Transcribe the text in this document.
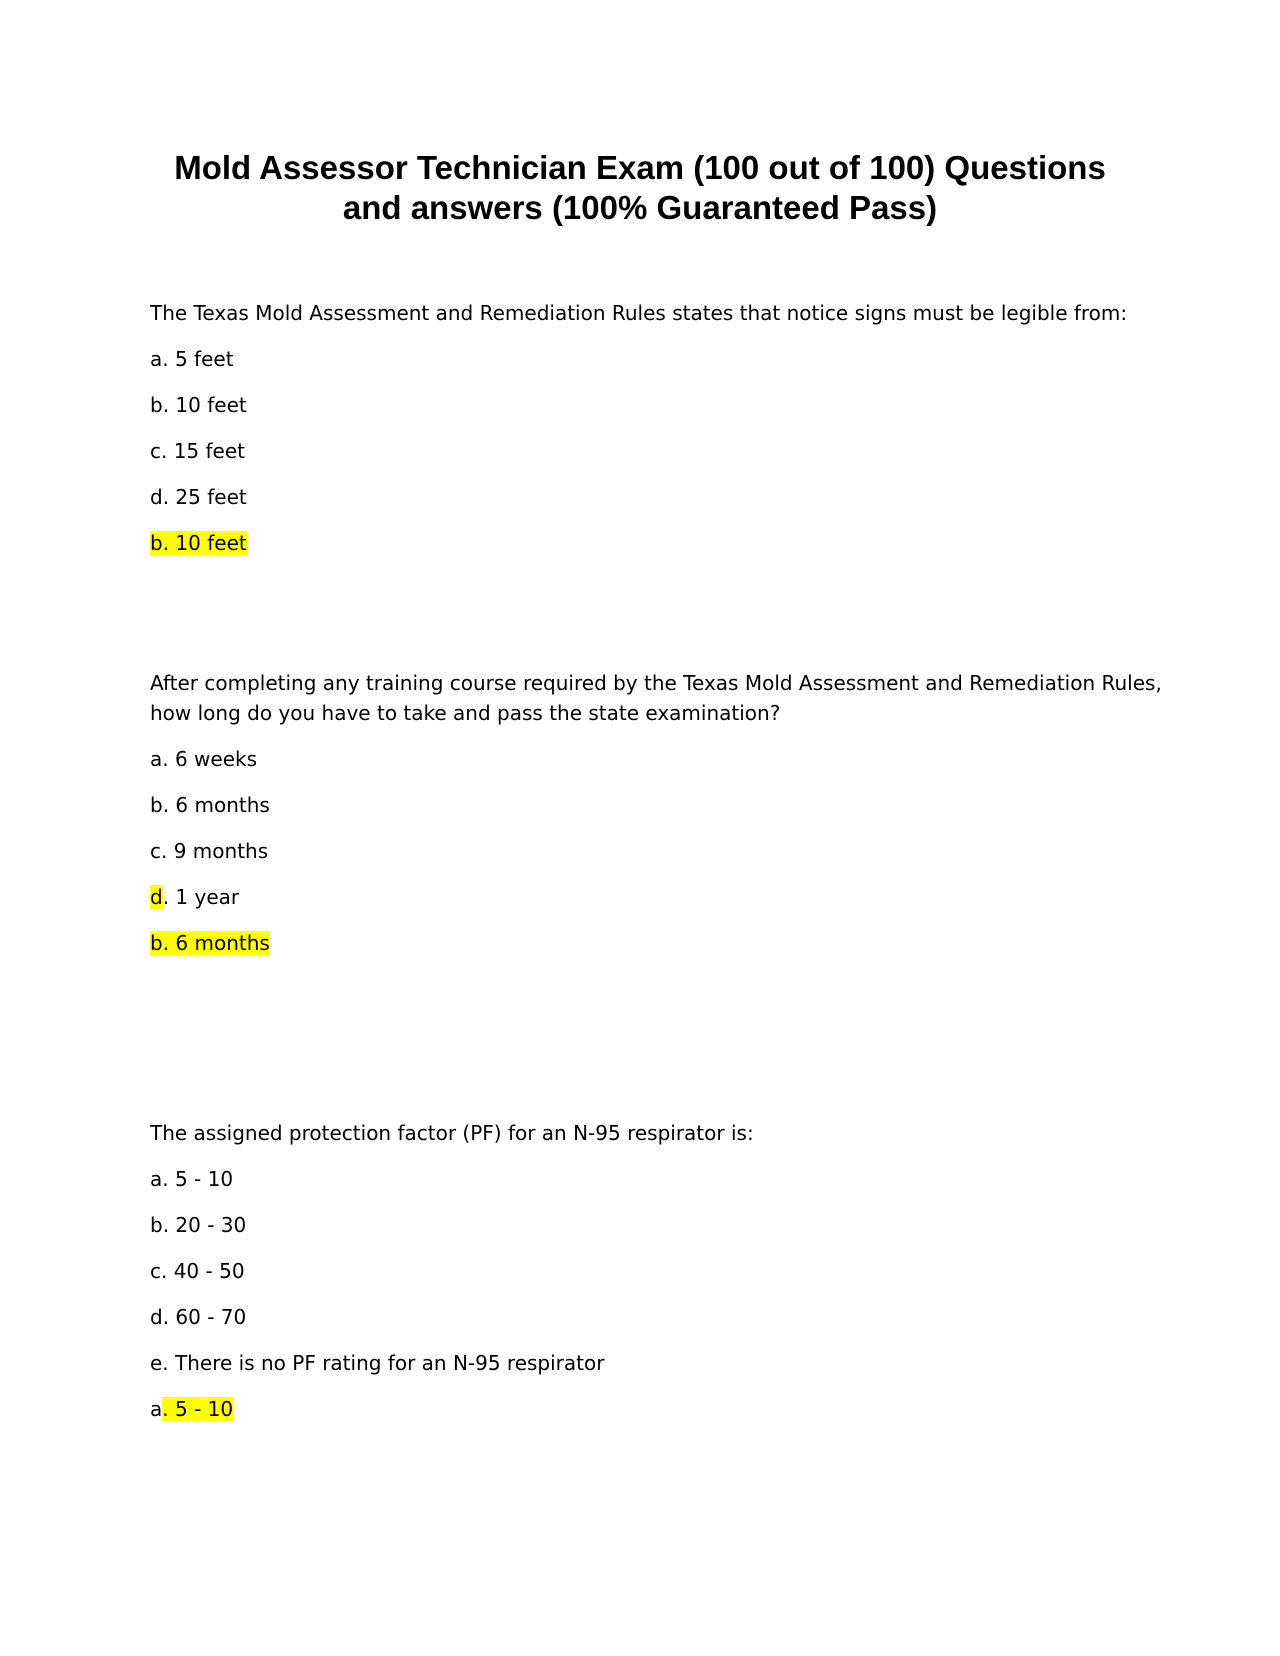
Mold Assessor Technician Exam (100 out of 100) Questions
and answers (100% Guaranteed Pass)

The Texas Mold Assessment and Remediation Rules states that notice signs must be legible from:

a. 5 feet

b. 10 feet

c. 15 feet

d. 25 feet

b. 10 feet

After completing any training course required by the Texas Mold Assessment and Remediation Rules,

how long do you have to take and pass the state examination?

a. 6 weeks

b. 6 months

c. 9 months

d. 1 year

b. 6 months

The assigned protection factor (PF) for an N-95 respirator is:

a. 5 - 10

b. 20 - 30

c. 40 - 50

d. 60 - 70

e. There is no PF rating for an N-95 respirator

a. 5 - 10
